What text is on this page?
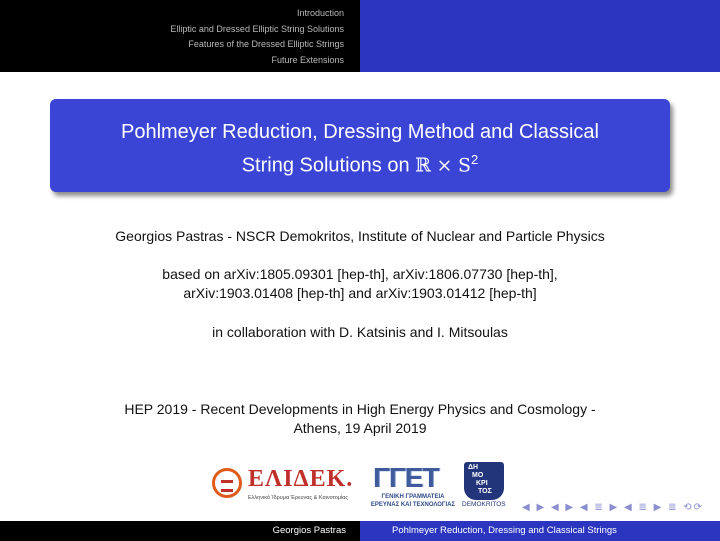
Introduction
Elliptic and Dressed Elliptic String Solutions
Features of the Dressed Elliptic Strings
Future Extensions
Pohlmeyer Reduction, Dressing Method and Classical
String Solutions on ℝ × $S^2$
Georgios Pastras - NSCR Demokritos, Institute of Nuclear and Particle Physics
based on arXiv:1805.09301 [hep-th], arXiv:1806.07730 [hep-th],
arXiv:1903.01408 [hep-th] and arXiv:1903.01412 [hep-th]
in collaboration with D. Katsinis and I. Mitsoulas
HEP 2019 - Recent Developments in High Energy Physics and Cosmology -
Athens, 19 April 2019
ΕΛΙΔΕΚ.
Ελληνικό Ίδρυμα Έρευνας & Καινοτομίας
ΓΓΕΤ
ΓΕΝΙΚΗ ΓΡΑΜΜΑΤΕΙΑ
ΕΡΕΥΝΑΣ ΚΑΙ ΤΕΧΝΟΛΟΓΙΑΣ
ΔΗ
ΜΟ
ΚΡΙ
ΤΟΣ
DEMOKRITOS ◀ ▶ ◀ ▶ ◀ ≣ ▶ ◀ ≣ ▶ ≣ ⟲⟳
Georgios Pastras	Pohlmeyer Reduction, Dressing and Classical Strings
